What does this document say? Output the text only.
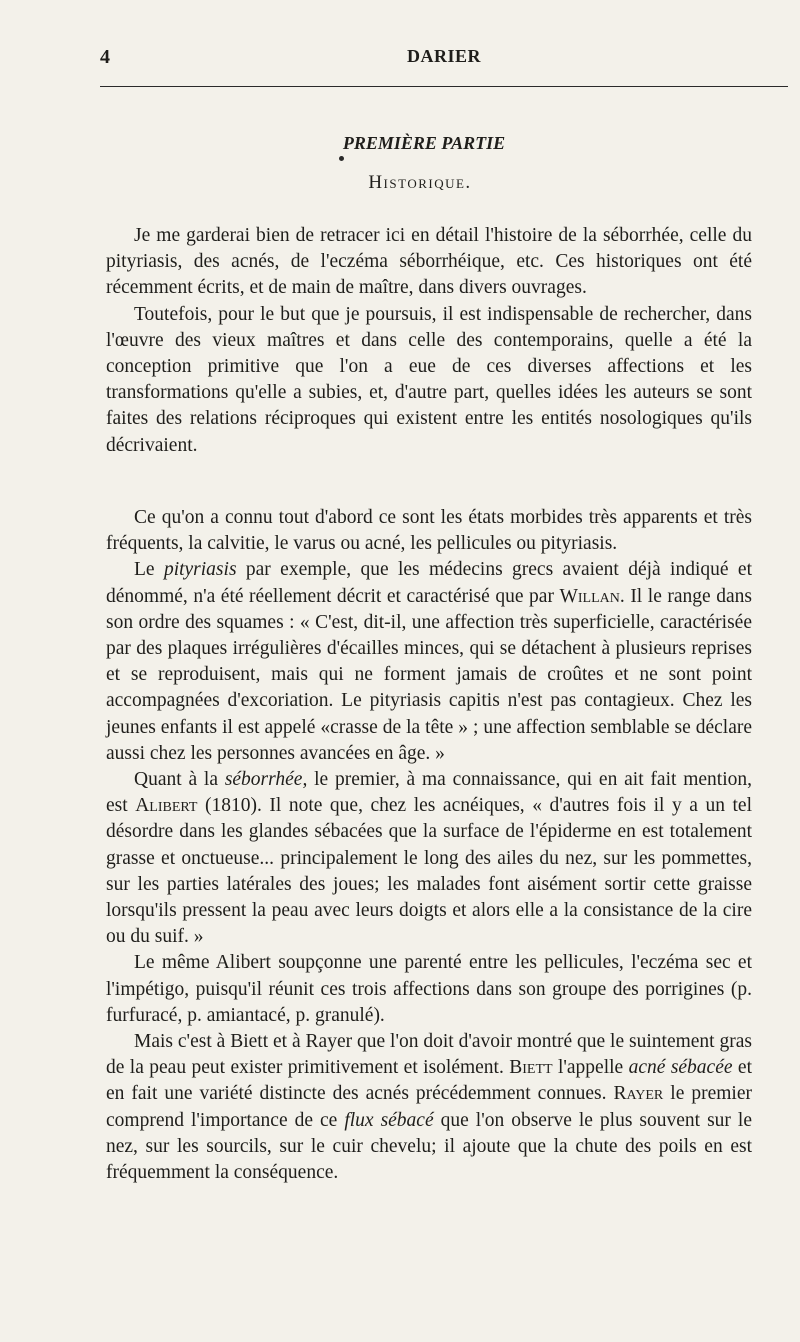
4	DARIER
PREMIÈRE PARTIE
Historique.

Je me garderai bien de retracer ici en détail l'histoire de la séborrhée, celle du pityriasis, des acnés, de l'eczéma séborrhéique, etc. Ces historiques ont été récemment écrits, et de main de maître, dans divers ouvrages.

Toutefois, pour le but que je poursuis, il est indispensable de rechercher, dans l'œuvre des vieux maîtres et dans celle des contemporains, quelle a été la conception primitive que l'on a eue de ces diverses affections et les transformations qu'elle a subies, et, d'autre part, quelles idées les auteurs se sont faites des relations réciproques qui existent entre les entités nosologiques qu'ils décrivaient.

Ce qu'on a connu tout d'abord ce sont les états morbides très apparents et très fréquents, la calvitie, le varus ou acné, les pellicules ou pityriasis.

Le pityriasis par exemple, que les médecins grecs avaient déjà indiqué et dénommé, n'a été réellement décrit et caractérisé que par Willan. Il le range dans son ordre des squames : « C'est, dit-il, une affection très superficielle, caractérisée par des plaques irrégulières d'écailles minces, qui se détachent à plusieurs reprises et se reproduisent, mais qui ne forment jamais de croûtes et ne sont point accompagnées d'excoriation. Le pityriasis capitis n'est pas contagieux. Chez les jeunes enfants il est appelé «crasse de la tête » ; une affection semblable se déclare aussi chez les personnes avancées en âge. »

Quant à la séborrhée, le premier, à ma connaissance, qui en ait fait mention, est Alibert (1810). Il note que, chez les acnéiques, « d'autres fois il y a un tel désordre dans les glandes sébacées que la surface de l'épiderme en est totalement grasse et onctueuse... principalement le long des ailes du nez, sur les pommettes, sur les parties latérales des joues; les malades font aisément sortir cette graisse lorsqu'ils pressent la peau avec leurs doigts et alors elle a la consistance de la cire ou du suif. »

Le même Alibert soupçonne une parenté entre les pellicules, l'eczéma sec et l'impétigo, puisqu'il réunit ces trois affections dans son groupe des porrigines (p. furfuracé, p. amiantacé, p. granulé).

Mais c'est à Biett et à Rayer que l'on doit d'avoir montré que le suintement gras de la peau peut exister primitivement et isolément. Biett l'appelle acné sébacée et en fait une variété distincte des acnés précédemment connues. Rayer le premier comprend l'importance de ce flux sébacé que l'on observe le plus souvent sur le nez, sur les sourcils, sur le cuir chevelu; il ajoute que la chute des poils en est fréquemment la conséquence.
